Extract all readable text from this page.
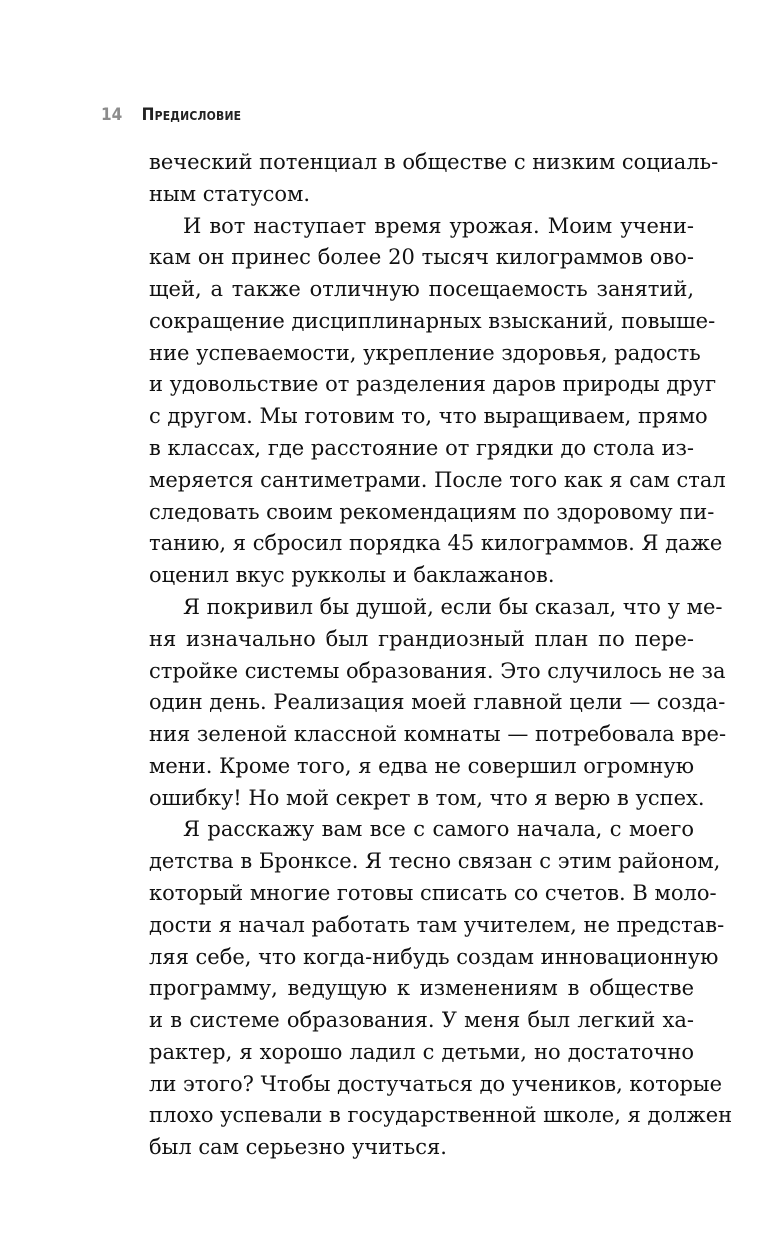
14 Предисловие
вечеcкий потенциал в обществе с низким социаль-
ным статусом.
И вот наступает время урожая. Моим учени-
кам он принес более 20 тысяч килограммов ово-
щей, а также отличную посещаемость занятий,
сокращение дисциплинарных взысканий, повыше-
ние успеваемости, укрепление здоровья, радость
и удовольствие от разделения даров природы друг
с другом. Мы готовим то, что выращиваем, прямо
в классах, где расстояние от грядки до стола из-
меряется сантиметрами. После того как я сам стал
следовать своим рекомендациям по здоровому пи-
танию, я сбросил порядка 45 килограммов. Я даже
оценил вкус рукколы и баклажанов.
Я покривил бы душой, если бы сказал, что у ме-
ня изначально был грандиозный план по пере-
стройке системы образования. Это случилось не за
один день. Реализация моей главной цели — созда-
ния зеленой классной комнаты — потребовала вре-
мени. Кроме того, я едва не совершил огромную
ошибку! Но мой секрет в том, что я верю в успех.
Я расскажу вам все с самого начала, с моего
детства в Бронксе. Я тесно связан с этим районом,
который многие готовы списать со счетов. В моло-
дости я начал работать там учителем, не представ-
ляя себе, что когда-нибудь создам инновационную
программу, ведущую к изменениям в обществе
и в системе образования. У меня был легкий ха-
рактер, я хорошо ладил с детьми, но достаточно
ли этого? Чтобы достучаться до учеников, которые
плохо успевали в государственной школе, я должен
был сам серьезно учиться.
